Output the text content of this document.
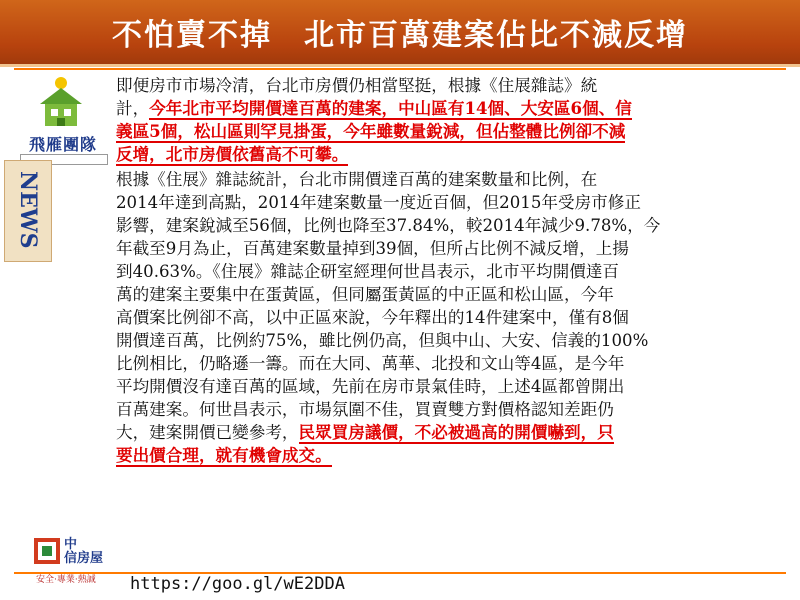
不怕賣不掉　北市百萬建案佔比不減反增
飛雁團隊
NEWS
即便房市市場冷清，台北市房價仍相當堅挺，根據《住展雜誌》統
計，今年北市平均開價達百萬的建案，中山區有14個、大安區6個、信
義區5個，松山區則罕見掛蛋，今年雖數量銳減，但佔整體比例卻不減
反增，北市房價依舊高不可攀。
根據《住展》雜誌統計，台北市開價達百萬的建案數量和比例，在
2014年達到高點，2014年建案數量一度近百個，但2015年受房市修正
影響，建案銳減至56個，比例也降至37.84%，較2014年減少9.78%，今
年截至9月為止，百萬建案數量掉到39個，但所占比例不減反增，上揚
到40.63%。《住展》雜誌企研室經理何世昌表示，北市平均開價達百
萬的建案主要集中在蛋黃區，但同屬蛋黃區的中正區和松山區，今年
高價案比例卻不高，以中正區來說，今年釋出的14件建案中，僅有8個
開價達百萬，比例約75%，雖比例仍高，但與中山、大安、信義的100%
比例相比，仍略遜一籌。而在大同、萬華、北投和文山等4區，是今年
平均開價沒有達百萬的區域，先前在房市景氣佳時，上述4區都曾開出
百萬建案。何世昌表示，市場氛圍不佳，買賣雙方對價格認知差距仍
大，建案開價已變參考，民眾買房議價，不必被過高的開價嚇到，只
要出價合理，就有機會成交。
中
信房屋
安全‧專業‧熱誠 https://goo.gl/wE2DDA
